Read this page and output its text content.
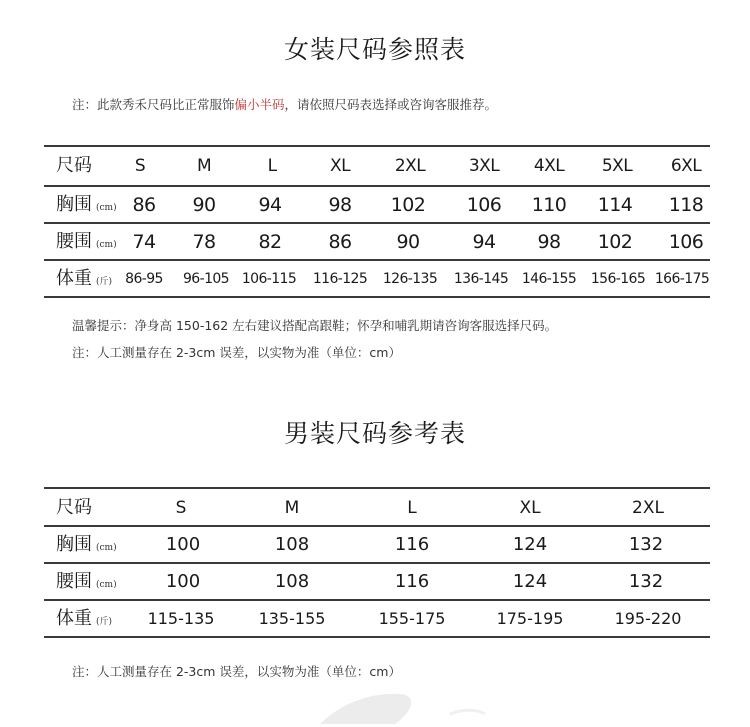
女装尺码参照表
注：此款秀禾尺码比正常服饰偏小半码，请依照尺码表选择或咨询客服推荐。
尺码	S	M	L	XL	2XL	3XL 4XL 5XL 6XL
胸围 (cm) 86 90 94 98 102 106 110 114 118
腰围 (cm) 74 78 82 86 90	94 98 102 106
体重 (斤) 86-95 96-105 106-115 116-125 126-135 136-145 146-155 156-165 166-175
温馨提示：净身高 150-162 左右建议搭配高跟鞋；怀孕和哺乳期请咨询客服选择尺码。
注：人工测量存在 2-3cm 误差，以实物为准（单位：cm）
男装尺码参考表
尺码	S	M	L	XL	2XL
胸围 (cm)	100	108	116	124	132
腰围 (cm)	100	108	116	124	132
体重 (斤) 115-135	135-155	155-175	175-195	195-220
注：人工测量存在 2-3cm 误差，以实物为准（单位：cm）
